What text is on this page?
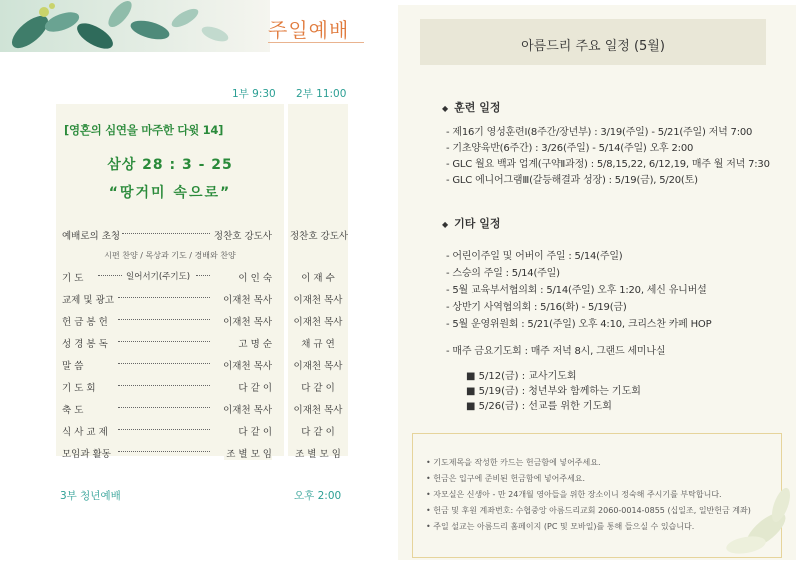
주일예배
1부 9:30 2부 11:00
[영혼의 심연을 마주한 다윗 14]
삼상 28 : 3 - 25
“땅거미 속으로”
예배로의 초청	정찬호 강도사 정찬호 강도사
시편 찬양 / 목상과 기도 / 경배와 찬양
기 도	일어서기(주기도)	이 인 숙	이 재 수
교제 및 광고	이재천 목사	이재천 목사
헌 금 봉 헌	이재천 목사	이재천 목사
성 경 봉 독	고 명 순	채 규 연
말 씀	이재천 목사	이재천 목사
기 도 회	다 같 이	다 같 이
축 도	이재천 목사	이재천 목사
식 사 교 제	다 같 이	다 같 이
모임과 활동	조 별 모 임	조 별 모 임
3부 청년예배	오후 2:00
아름드리 주요 일정 (5월)
◆ 훈련 일정
- 제16기 영성훈련Ⅰ(8주간/장년부) : 3/19(주일) - 5/21(주일) 저녁 7:00
- 기초양육반(6주간) : 3/26(주일) - 5/14(주일) 오후 2:00
- GLC 월요 백과 업계(구약Ⅱ과정) : 5/8,15,22, 6/12,19, 매주 월 저녁 7:30
- GLC 에니어그램Ⅲ(갈등해결과 성장) : 5/19(금), 5/20(토)
◆ 기타 일정
- 어린이주일 및 어버이 주일 : 5/14(주일)
- 스승의 주일 : 5/14(주일)
- 5월 교육부서협의회 : 5/14(주일) 오후 1:20, 세신 유니버설
- 상반기 사역협의회 : 5/16(화) - 5/19(금)
- 5월 운영위원회 : 5/21(주일) 오후 4:10, 크리스찬 카페 HOP
- 매주 금요기도회 : 매주 저녁 8시, 그랜드 세미나실
■ 5/12(금) : 교사기도회
■ 5/19(금) : 청년부와 함께하는 기도회
■ 5/26(금) : 선교를 위한 기도회
• 기도제목을 작성한 카드는 헌금함에 넣어주세요.
• 헌금은 입구에 준비된 헌금함에 넣어주세요.
• 자모실은 신생아 - 만 24개월 영아들을 위한 장소이니 정숙해 주시기를 부탁합니다.
• 헌금 및 후원 계좌번호: 수협중앙 아름드리교회 2060-0014-0855 (십일조, 일반헌금 계좌)
• 주일 설교는 아름드리 홈페이지 (PC 및 모바일)를 통해 들으실 수 있습니다.
